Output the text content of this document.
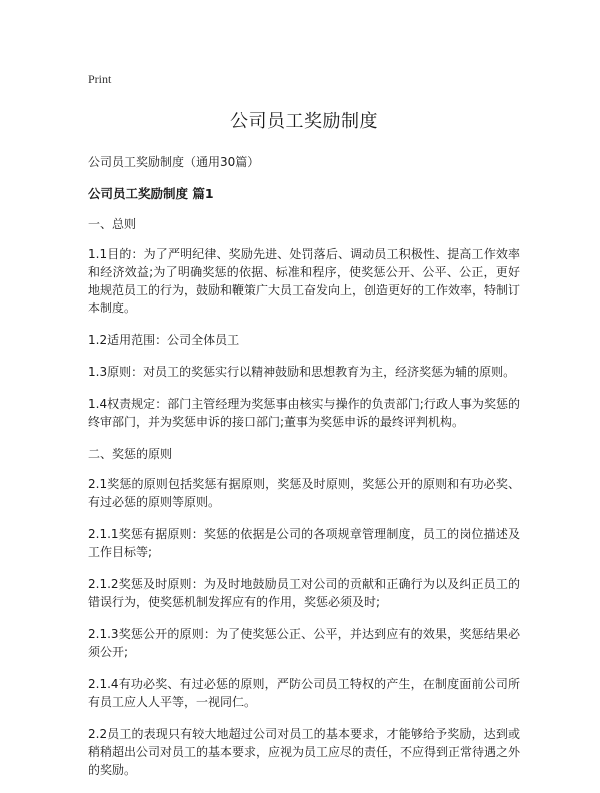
Print
公司员工奖励制度

公司员工奖励制度（通用30篇）

公司员工奖励制度 篇1

一、总则

1.1目的：为了严明纪律、奖励先进、处罚落后、调动员工积极性、提高工作效率和经济效益;为了明确奖惩的依据、标准和程序，使奖惩公开、公平、公正，更好地规范员工的行为，鼓励和鞭策广大员工奋发向上，创造更好的工作效率，特制订本制度。

1.2适用范围：公司全体员工

1.3原则：对员工的奖惩实行以精神鼓励和思想教育为主，经济奖惩为辅的原则。

1.4权责规定：部门主管经理为奖惩事由核实与操作的负责部门;行政人事为奖惩的终审部门，并为奖惩申诉的接口部门;董事为奖惩申诉的最终评判机构。

二、奖惩的原则

2.1奖惩的原则包括奖惩有据原则，奖惩及时原则，奖惩公开的原则和有功必奖、有过必惩的原则等原则。

2.1.1奖惩有据原则：奖惩的依据是公司的各项规章管理制度，员工的岗位描述及工作目标等;

2.1.2奖惩及时原则：为及时地鼓励员工对公司的贡献和正确行为以及纠正员工的错误行为，使奖惩机制发挥应有的作用，奖惩必须及时;

2.1.3奖惩公开的原则：为了使奖惩公正、公平，并达到应有的效果，奖惩结果必须公开;

2.1.4有功必奖、有过必惩的原则，严防公司员工特权的产生，在制度面前公司所有员工应人人平等，一视同仁。

2.2员工的表现只有较大地超过公司对员工的基本要求，才能够给予奖励，达到或稍稍超出公司对员工的基本要求，应视为员工应尽的责任，不应得到正常待遇之外的奖励。
